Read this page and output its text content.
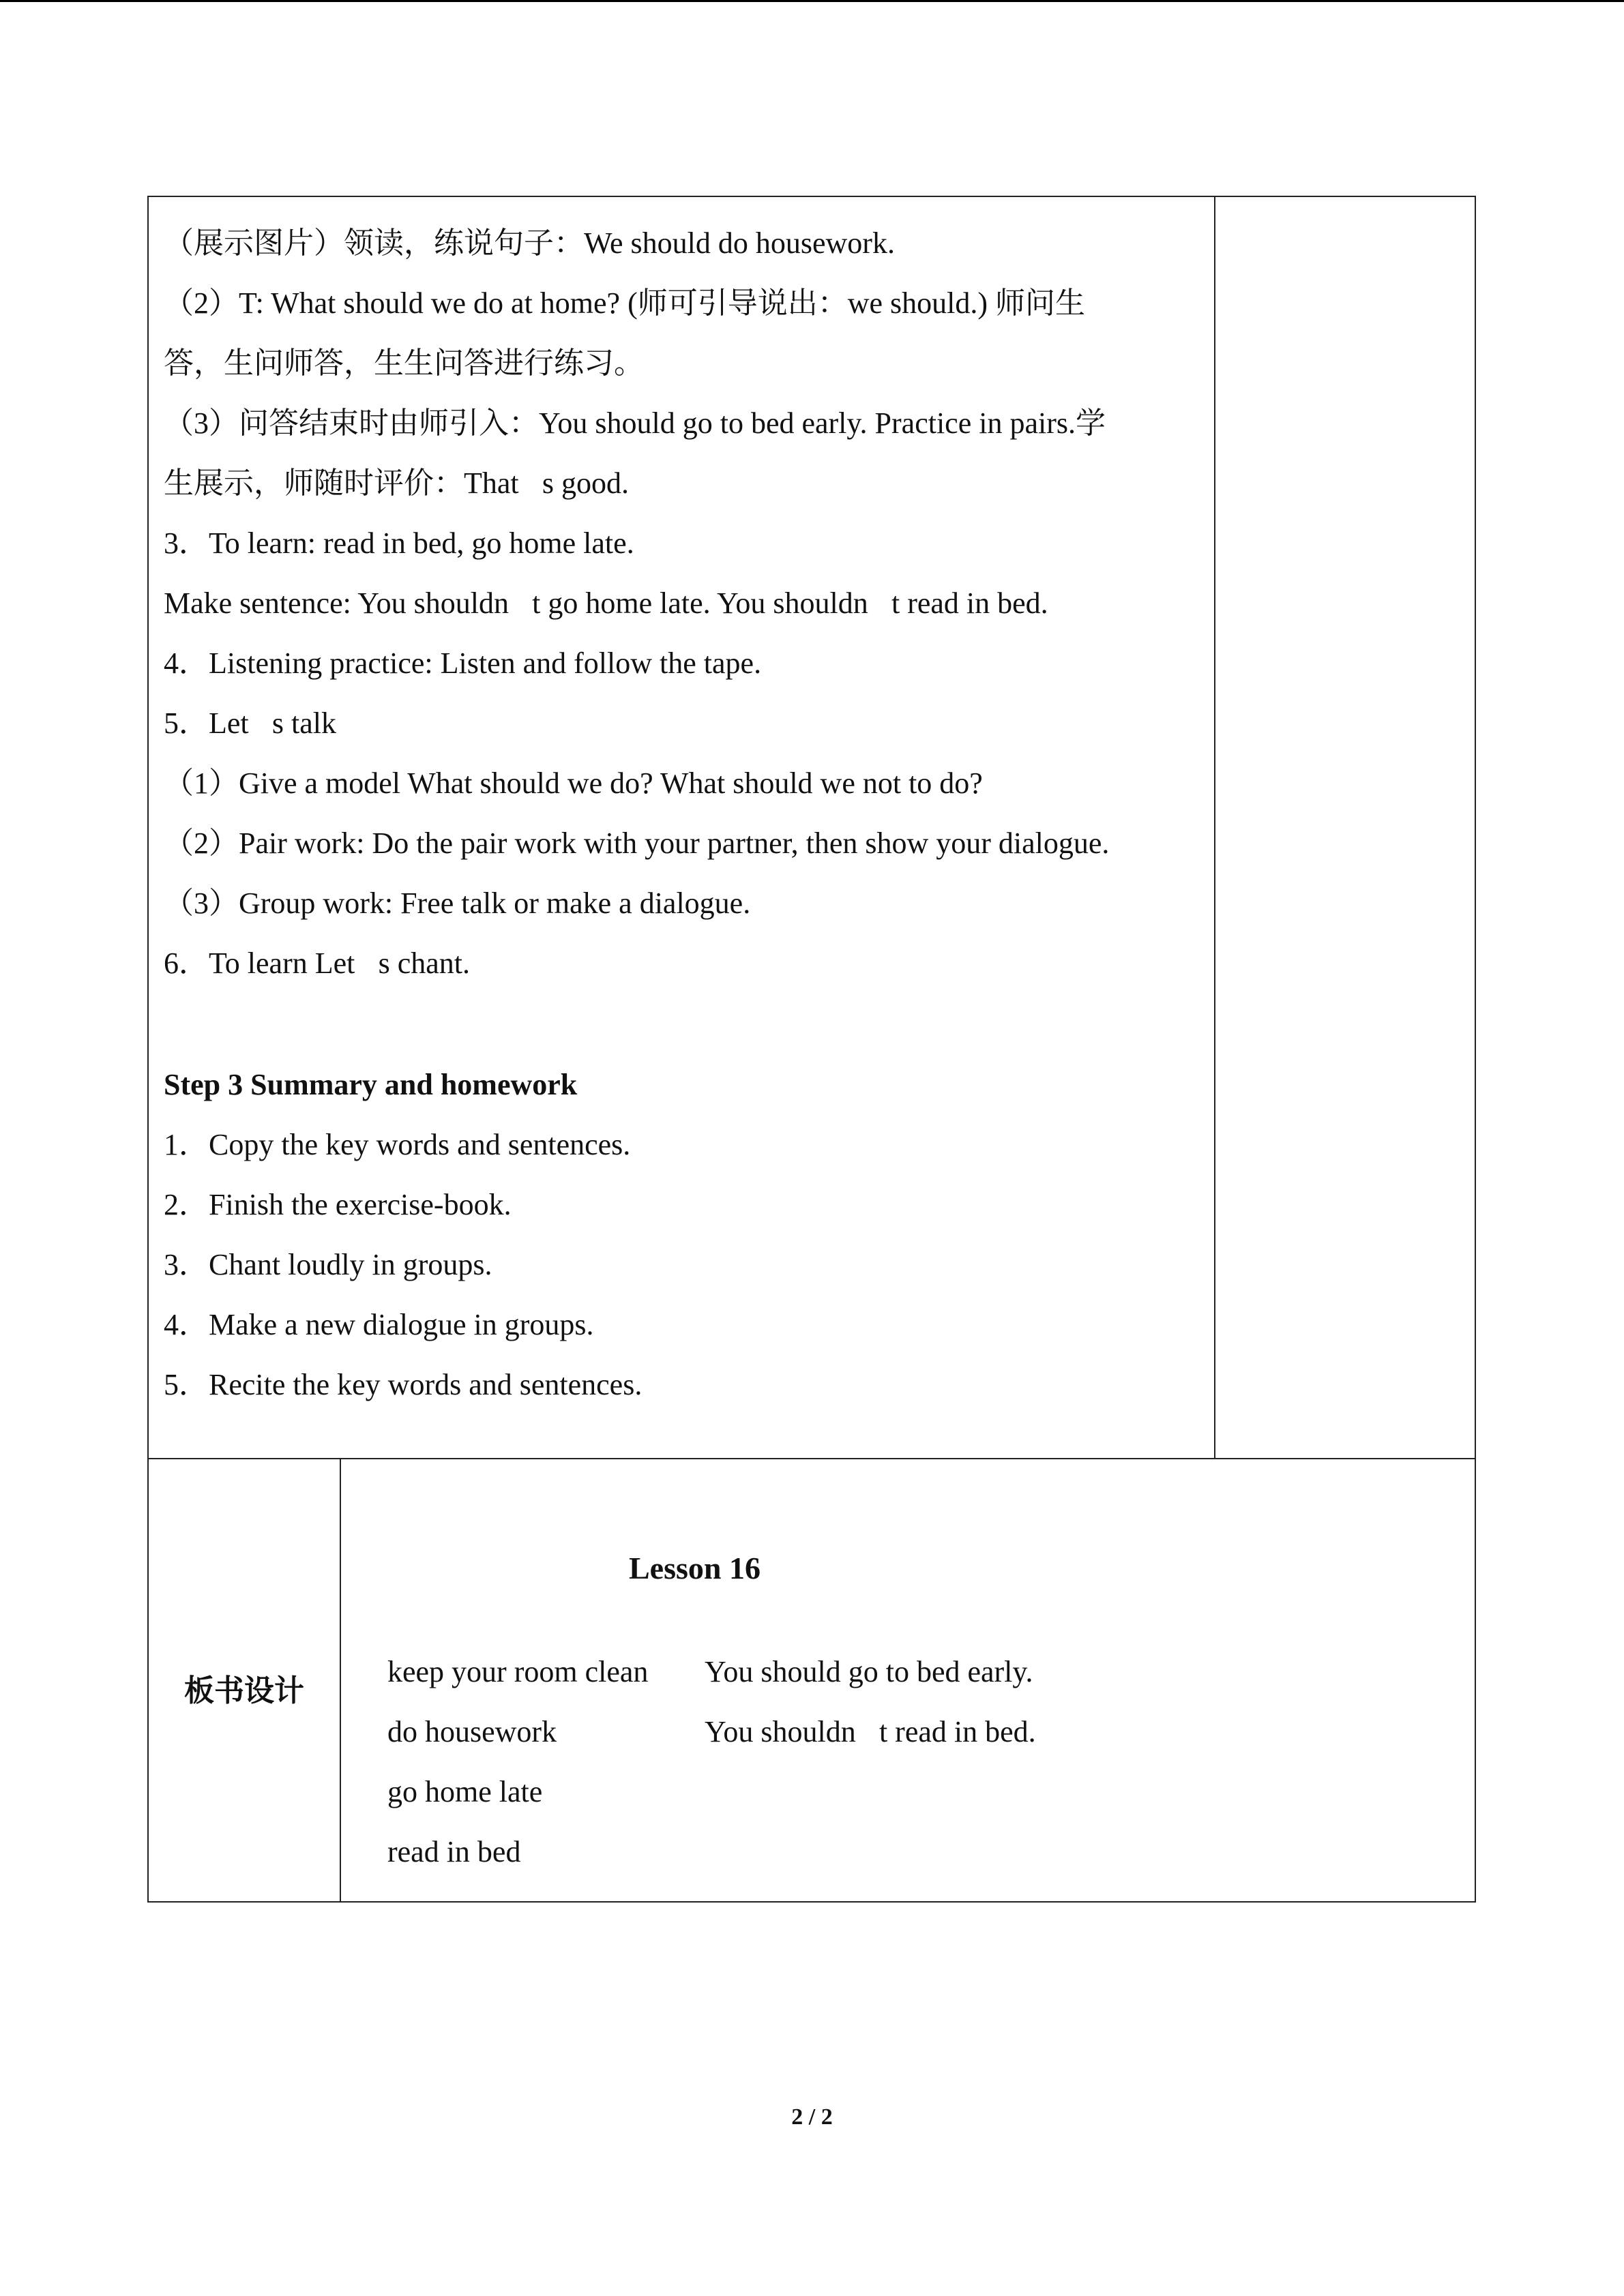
（展示图片）领读，练说句子：We should do housework.
（2）T: What should we do at home? (师可引导说出：we should.) 师问生
答，生问师答，生生问答进行练习。
（3）问答结束时由师引入：You should go to bed early. Practice in pairs.学
生展示，师随时评价：That s good.
3．To learn: read in bed, go home late.
Make sentence: You shouldn t go home late. You shouldn t read in bed.
4．Listening practice: Listen and follow the tape.
5．Let s talk
（1）Give a model What should we do? What should we not to do?
（2）Pair work: Do the pair work with your partner, then show your dialogue.
（3）Group work: Free talk or make a dialogue.
6．To learn Let s chant.
Step 3 Summary and homework
1．Copy the key words and sentences.
2．Finish the exercise-book.
3．Chant loudly in groups.
4．Make a new dialogue in groups.
5．Recite the key words and sentences.
板书设计
Lesson 16
keep your room clean
do housework
go home late
read in bed
You should go to bed early.
You shouldn t read in bed.
2 / 2
